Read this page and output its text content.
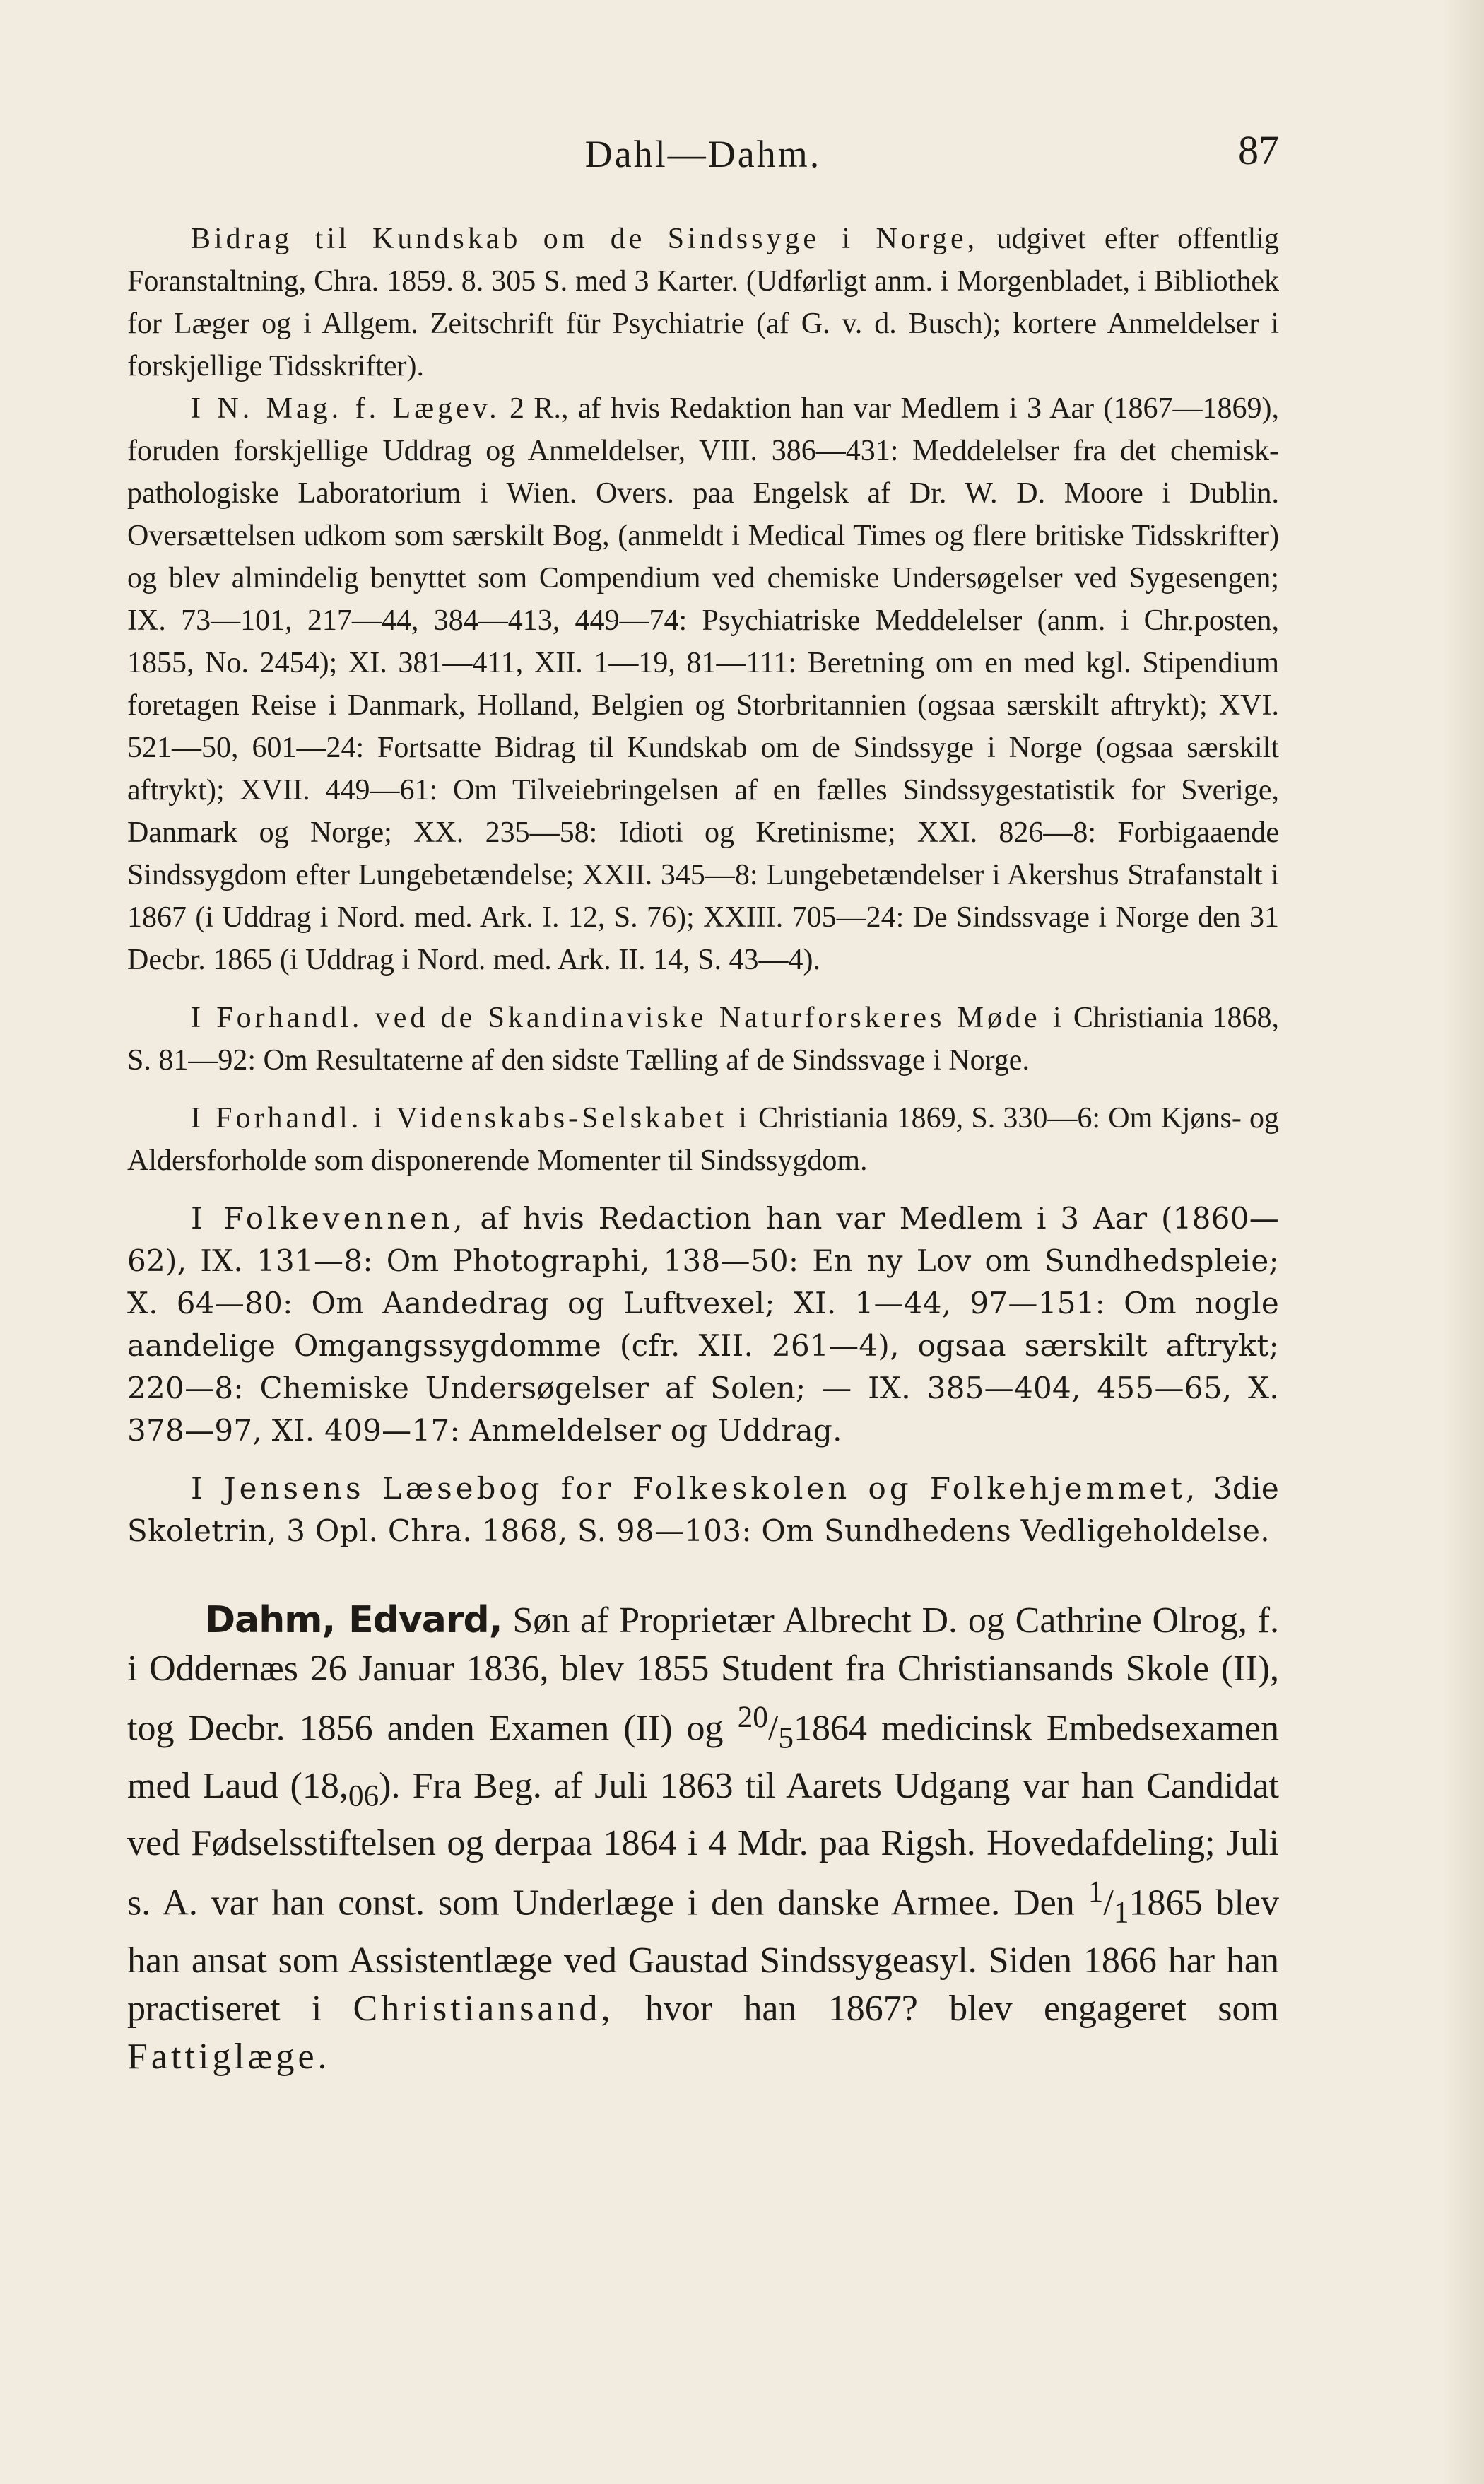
Dahl—Dahm.	87

Bidrag til Kundskab om de Sindssyge i Norge, udgivet efter offentlig Foranstaltning, Chra. 1859. 8. 305 S. med 3 Karter. (Udførligt anm. i Morgenbladet, i Bibliothek for Læger og i Allgem. Zeitschrift für Psychiatrie (af G. v. d. Busch); kortere Anmeldelser i forskjellige Tidsskrifter).

I N. Mag. f. Lægev. 2 R., af hvis Redaktion han var Medlem i 3 Aar (1867—1869), foruden forskjellige Uddrag og Anmeldelser, VIII. 386—431: Meddelelser fra det chemisk-pathologiske Laboratorium i Wien. Overs. paa Engelsk af Dr. W. D. Moore i Dublin. Oversættelsen udkom som særskilt Bog, (anmeldt i Medical Times og flere britiske Tidsskrifter) og blev almindelig benyttet som Compendium ved chemiske Undersøgelser ved Sygesengen; IX. 73—101, 217—44, 384—413, 449—74: Psychiatriske Meddelelser (anm. i Chr.posten, 1855, No. 2454); XI. 381—411, XII. 1—19, 81—111: Beretning om en med kgl. Stipendium foretagen Reise i Danmark, Holland, Belgien og Storbritannien (ogsaa særskilt aftrykt); XVI. 521—50, 601—24: Fortsatte Bidrag til Kundskab om de Sindssyge i Norge (ogsaa særskilt aftrykt); XVII. 449—61: Om Tilveiebringelsen af en fælles Sindssygestatistik for Sverige, Danmark og Norge; XX. 235—58: Idioti og Kretinisme; XXI. 826—8: Forbigaaende Sindssygdom efter Lungebetændelse; XXII. 345—8: Lungebetændelser i Akershus Strafanstalt i 1867 (i Uddrag i Nord. med. Ark. I. 12, S. 76); XXIII. 705—24: De Sindssvage i Norge den 31 Decbr. 1865 (i Uddrag i Nord. med. Ark. II. 14, S. 43—4).

I Forhandl. ved de Skandinaviske Naturforskeres Møde i Christiania 1868, S. 81—92: Om Resultaterne af den sidste Tælling af de Sindssvage i Norge.

I Forhandl. i Videnskabs-Selskabet i Christiania 1869, S. 330—6: Om Kjøns- og Aldersforholde som disponerende Momenter til Sindssygdom.

I Folkevennen, af hvis Redaction han var Medlem i 3 Aar (1860—62), IX. 131—8: Om Photographi, 138—50: En ny Lov om Sundhedspleie; X. 64—80: Om Aandedrag og Luftvexel; XI. 1—44, 97—151: Om nogle aandelige Omgangssygdomme (cfr. XII. 261—4), ogsaa særskilt aftrykt; 220—8: Chemiske Undersøgelser af Solen; — IX. 385—404, 455—65, X. 378—97, XI. 409—17: Anmeldelser og Uddrag.

I Jensens Læsebog for Folkeskolen og Folkehjemmet, 3die Skoletrin, 3 Opl. Chra. 1868, S. 98—103: Om Sundhedens Vedligeholdelse.

Dahm, Edvard, Søn af Proprietær Albrecht D. og Cathrine Olrog, f. i Oddernæs 26 Januar 1836, blev 1855 Student fra Christiansands Skole (II), tog Decbr. 1856 anden Examen (II) og $^{20}/_51864$ medicinsk Embedsexamen med Laud $(18,_{06})$. Fra Beg. af Juli 1863 til Aarets Udgang var han Candidat ved Fødselsstiftelsen og derpaa 1864 i 4 Mdr. paa Rigsh. Hovedafdeling; Juli s. A. var han const. som Underlæge i den danske Armee. Den $^1/_11865$ blev han ansat som Assistentlæge ved Gaustad Sindssygeasyl. Siden 1866 har han practiseret i Christiansand, hvor han 1867? blev engageret som Fattiglæge.
